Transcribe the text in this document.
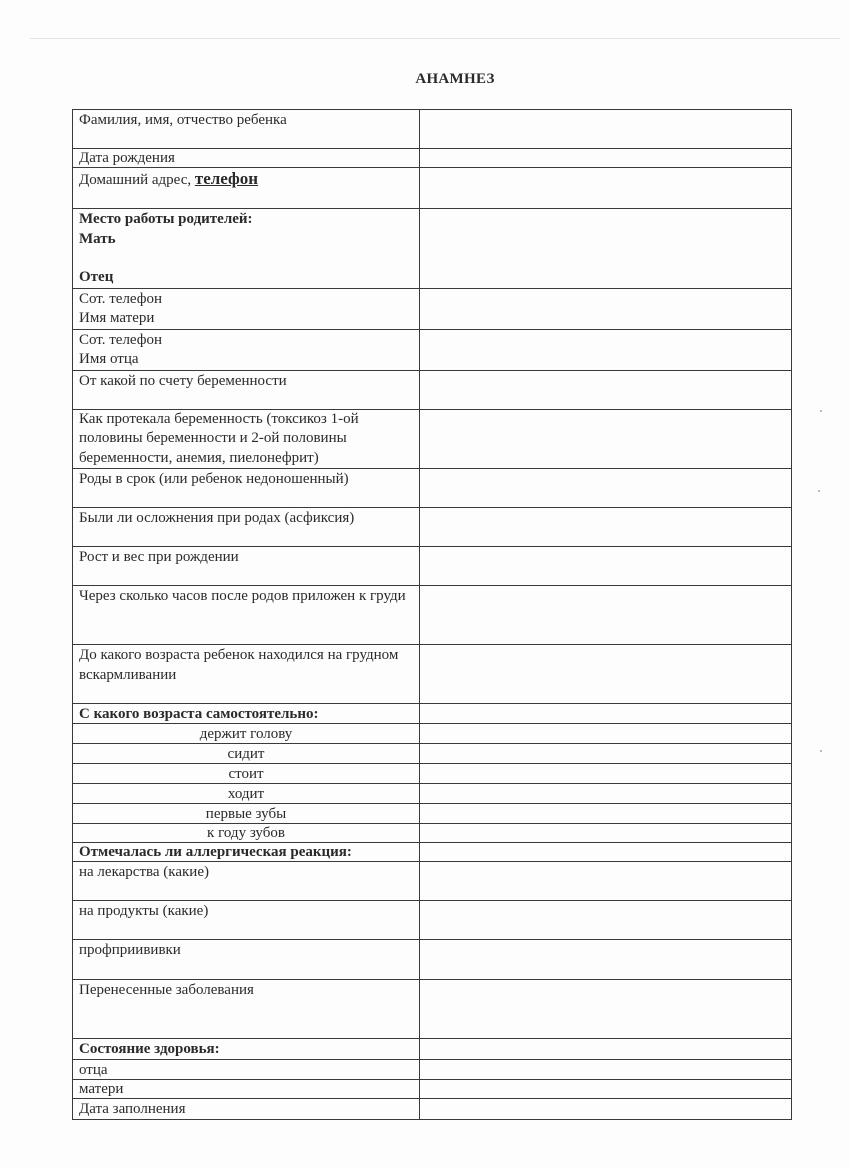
АНАМНЕЗ
Фамилия, имя, отчество ребенка	
Дата рождения	
Домашний адрес, телефон	

Место работы родителей:
Мать
Отец	

Сот. телефон
Имя матери	

Сот. телефон
Имя отца	

От какой по счету беременности	
Как протекала беременность (токсикоз 1-ой половины беременности и 2-ой половины беременности, анемия, пиелонефрит)	
Роды в срок (или ребенок недоношенный)	
Были ли осложнения при родах (асфиксия)	
Рост и вес при рождении	
Через сколько часов после родов приложен к груди	
До какого возраста ребенок находился на грудном вскармливании	
С какого возраста самостоятельно:	
держит голову	
сидит	
стоит	
ходит	
первые зубы	
к году зубов	
Отмечалась ли аллергическая реакция:	
на лекарства (какие)	
на продукты (какие)	
профприививки	
Перенесенные заболевания	
Состояние здоровья:	
отца	
матери	
Дата заполнения	
